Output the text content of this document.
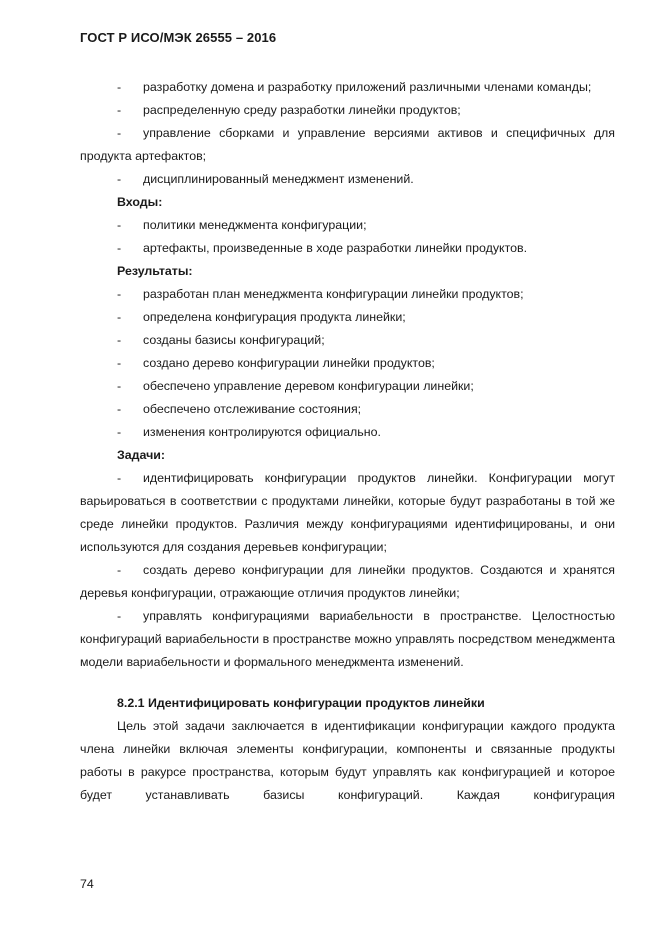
ГОСТ Р ИСО/МЭК 26555 – 2016

- разработку домена и разработку приложений различными членами команды;

- распределенную среду разработки линейки продуктов;

- управление сборками и управление версиями активов и специфичных для продукта артефактов;

- дисциплинированный менеджмент изменений.

Входы:

- политики менеджмента конфигурации;

- артефакты, произведенные в ходе разработки линейки продуктов.

Результаты:

- разработан план менеджмента конфигурации линейки продуктов;

- определена конфигурация продукта линейки;

- созданы базисы конфигураций;

- создано дерево конфигурации линейки продуктов;

- обеспечено управление деревом конфигурации линейки;

- обеспечено отслеживание состояния;

- изменения контролируются официально.

Задачи:

- идентифицировать конфигурации продуктов линейки. Конфигурации могут варьироваться в соответствии с продуктами линейки, которые будут разработаны в той же среде линейки продуктов. Различия между конфигурациями идентифицированы, и они используются для создания деревьев конфигурации;

- создать дерево конфигурации для линейки продуктов. Создаются и хранятся деревья конфигурации, отражающие отличия продуктов линейки;

- управлять конфигурациями вариабельности в пространстве. Целостностью конфигураций вариабельности в пространстве можно управлять посредством менеджмента модели вариабельности и формального менеджмента изменений.

8.2.1 Идентифицировать конфигурации продуктов линейки

Цель этой задачи заключается в идентификации конфигурации каждого продукта члена линейки включая элементы конфигурации, компоненты и связанные продукты работы в ракурсе пространства, которым будут управлять как конфигурацией и которое будет устанавливать базисы конфигураций. Каждая конфигурация

74
